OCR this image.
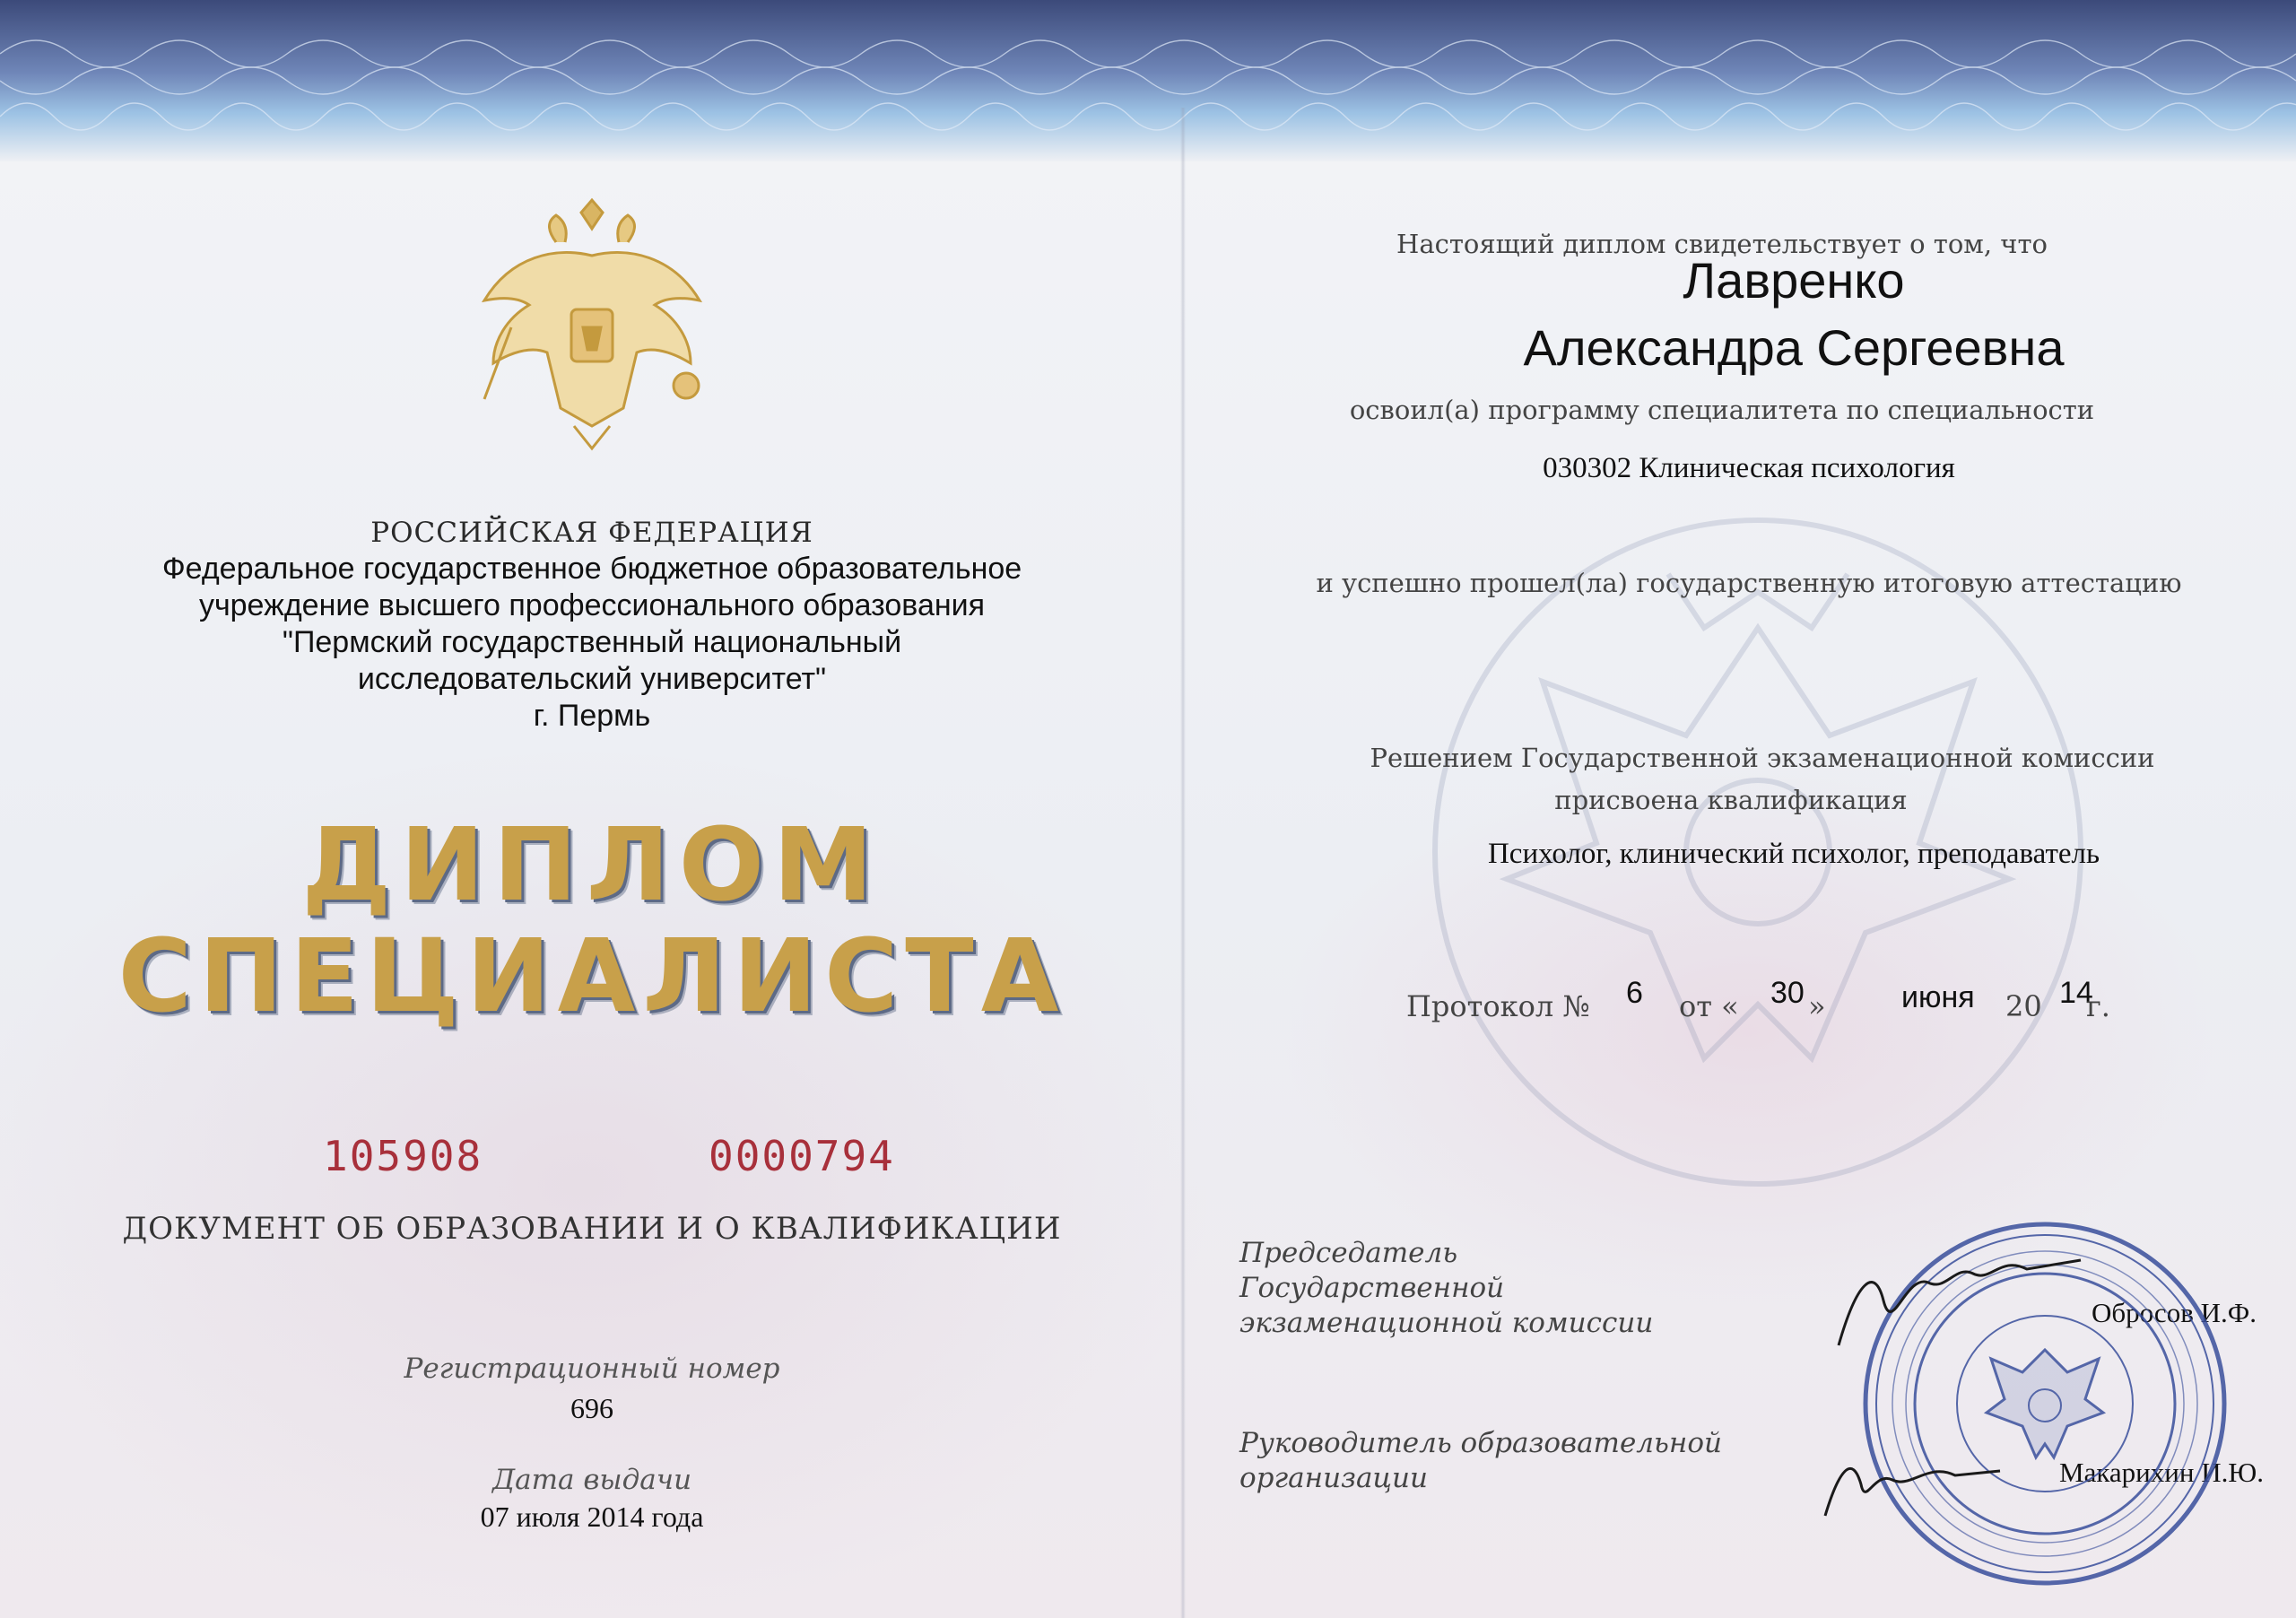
РОССИЙСКАЯ ФЕДЕРАЦИЯ
Федеральное государственное бюджетное образовательное
учреждение высшего профессионального образования
"Пермский государственный национальный
исследовательский университет"
г. Пермь
ДИПЛОМ
СПЕЦИАЛИСТА
105908	0000794
ДОКУМЕНТ ОБ ОБРАЗОВАНИИ И О КВАЛИФИКАЦИИ
Регистрационный номер
696
Дата выдачи
07 июля 2014 года
Настоящий диплом свидетельствует о том, что
Лавренко
Александра Сергеевна
освоил(а) программу специалитета по специальности
030302 Клиническая психология
и успешно прошел(ла) государственную итоговую аттестацию
Решением Государственной экзаменационной комиссии
присвоена квалификация
Психолог, клинический психолог, преподаватель
Протокол № 6 от « 30 » июня 20 14
г.
Председатель
Государственной
экзаменационной комиссии	Обросов И.Ф.
Руководитель образовательной
организации	Макарихин И.Ю.
